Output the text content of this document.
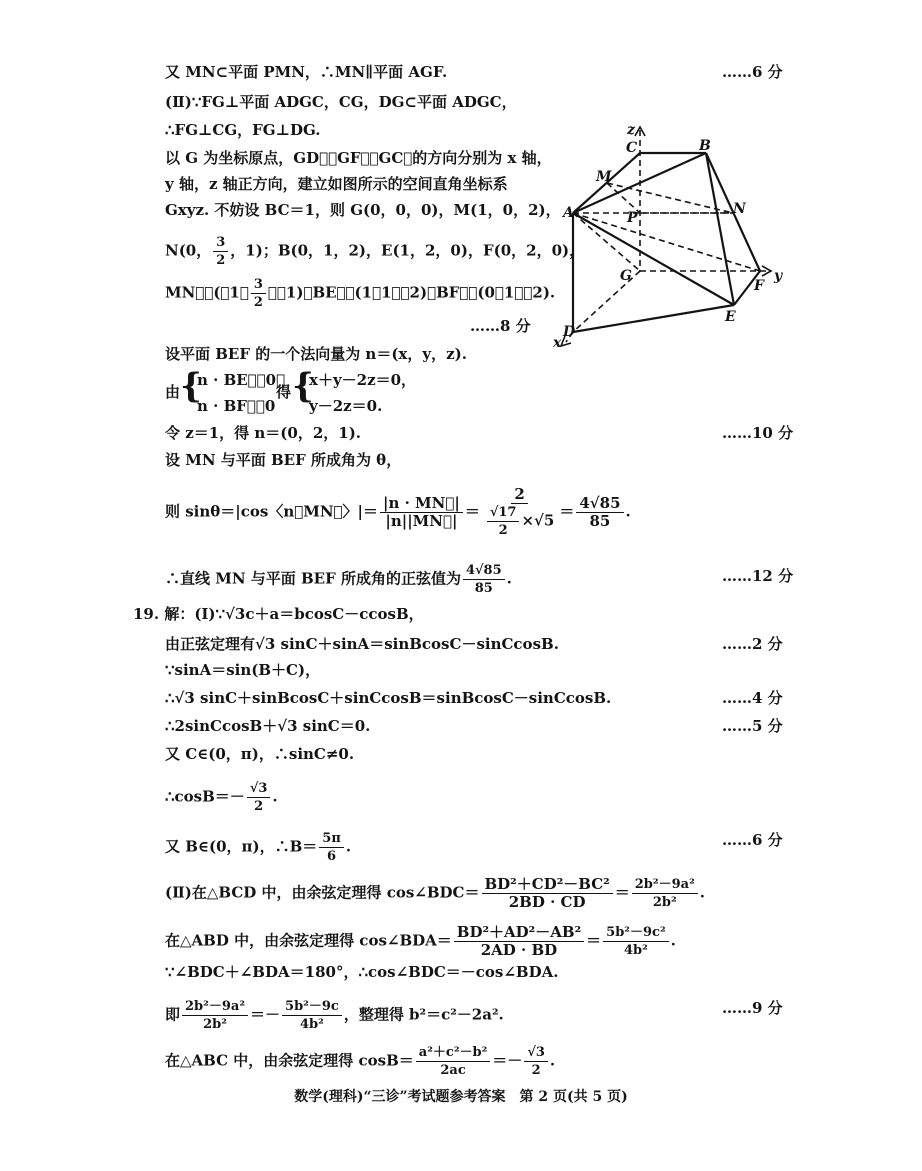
又 MN⊂平面 PMN，∴MN∥平面 AGF.	……6 分
(Ⅱ)∵FG⊥平面 ADGC，CG，DG⊂平面 ADGC，
∴FG⊥CG，FG⊥DG.
以 G 为坐标原点，GD⃗，GF⃗，GC⃗的方向分别为 x 轴，
y 轴，z 轴正方向，建立如图所示的空间直角坐标系
Gxyz. 不妨设 BC＝1，则 G(0，0，0)，M(1，0，2)，
N(0， $\frac{3}{2}$ ，1)；B(0，1，2)，E(1，2，0)，F(0，2，0)，
MN⃗＝(－1， $\frac{3}{2}$ ，－1)，BE⃗＝(1，1，－2)，BF⃗＝(0，1，－2).
……8 分
设平面 BEF 的一个法向量为 n＝(x，y，z).
由 {
n · BE⃗＝0，
n · BF⃗＝0
得 {
x＋y－2z＝0，
y－2z＝0.
令 z＝1，得 n＝(0，2，1).	……10 分
设 MN 与平面 BEF 所成角为 θ，
则 sinθ＝|cos〈n，MN⃗〉|＝ $\frac{|n \cdot MN⃗|}{|n||MN⃗|} = \frac{2}{\frac{√17}{2} \times√5} = \frac{4√85}{85}$ .
∴直线 MN 与平面 BEF 所成角的正弦值为 $\frac{4√85}{85}$ .	……12 分
19. 解：(Ⅰ)∵√3c＋a＝bcosC－ccosB，
由正弦定理有√3 sinC＋sinA＝sinBcosC－sinCcosB.	……2 分
∵sinA＝sin(B＋C)，
∴√3 sinC＋sinBcosC＋sinCcosB＝sinBcosC－sinCcosB.	……4 分
∴2sinCcosB＋√3 sinC＝0.	……5 分
又 C∈(0，π)，∴sinC≠0.
∴cosB＝－ $\frac{√3}{2}$ .
又 B∈(0，π)，∴B＝ $\frac{5\pi}{6}$ .	……6 分
(Ⅱ)在△BCD 中，由余弦定理得 cos∠BDC＝ $\frac{\text{BD²＋CD²－BC²}}{2BD \cdot CD} = \frac{\text{2b²－9a²}}{\text{2b²}}$ .
在△ABD 中，由余弦定理得 cos∠BDA＝ $\frac{\text{BD²＋AD²－AB²}}{2AD \cdot BD} = \frac{\text{5b²－9c²}}{\text{4b²}}$ .
∵∠BDC＋∠BDA＝180°，∴cos∠BDC＝－cos∠BDA.
即 $\frac{\text{2b²－9a²}}{\text{2b²}} =- \frac{\text{5b²－9c}}{\text{4b²}}$ ，整理得 b²＝c²－2a².	……9 分
在△ABC 中，由余弦定理得 $\cos B= \frac{\text{a²＋c²－b²}}{2ac} =- \frac{√3}{2}$ .
z
C	B
M
N
A	P
G
F
y
E
D
x
数学(理科)“三诊”考试题参考答案　第 2 页(共 5 页)
